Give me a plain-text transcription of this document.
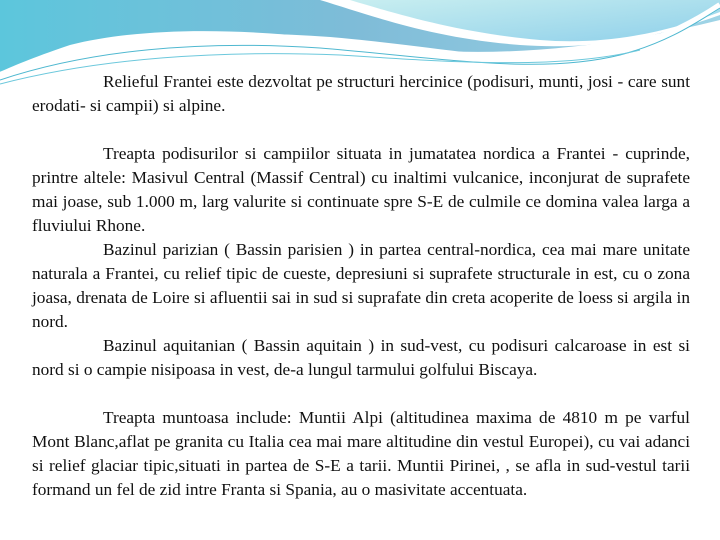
Relieful Frantei este dezvoltat pe structuri hercinice (podisuri, munti, josi - care sunt erodati- si campii) si alpine.

Treapta podisurilor si campiilor situata in jumatatea nordica a Frantei - cuprinde, printre altele: Masivul Central (Massif Central) cu inaltimi vulcanice, inconjurat de suprafete mai joase, sub 1.000 m, larg valurite si continuate spre S-E de culmile ce domina valea larga a fluviului Rhone.

Bazinul parizian ( Bassin parisien ) in partea central-nordica, cea mai mare unitate naturala a Frantei, cu relief tipic de cueste, depresiuni si suprafete structurale in est, cu o zona joasa, drenata de Loire si afluentii sai in sud si suprafate din creta acoperite de loess si argila in nord.

Bazinul aquitanian ( Bassin aquitain ) in sud-vest, cu podisuri calcaroase in est si nord si o campie nisipoasa in vest, de-a lungul tarmului golfului Biscaya.

Treapta muntoasa include: Muntii Alpi (altitudinea maxima de 4810 m pe varful Mont Blanc,aflat pe granita cu Italia cea mai mare altitudine din vestul Europei), cu vai adanci si relief glaciar tipic,situati in partea de S-E a tarii. Muntii Pirinei, , se afla in sud-vestul tarii formand un fel de zid intre Franta si Spania, au o masivitate accentuata.
